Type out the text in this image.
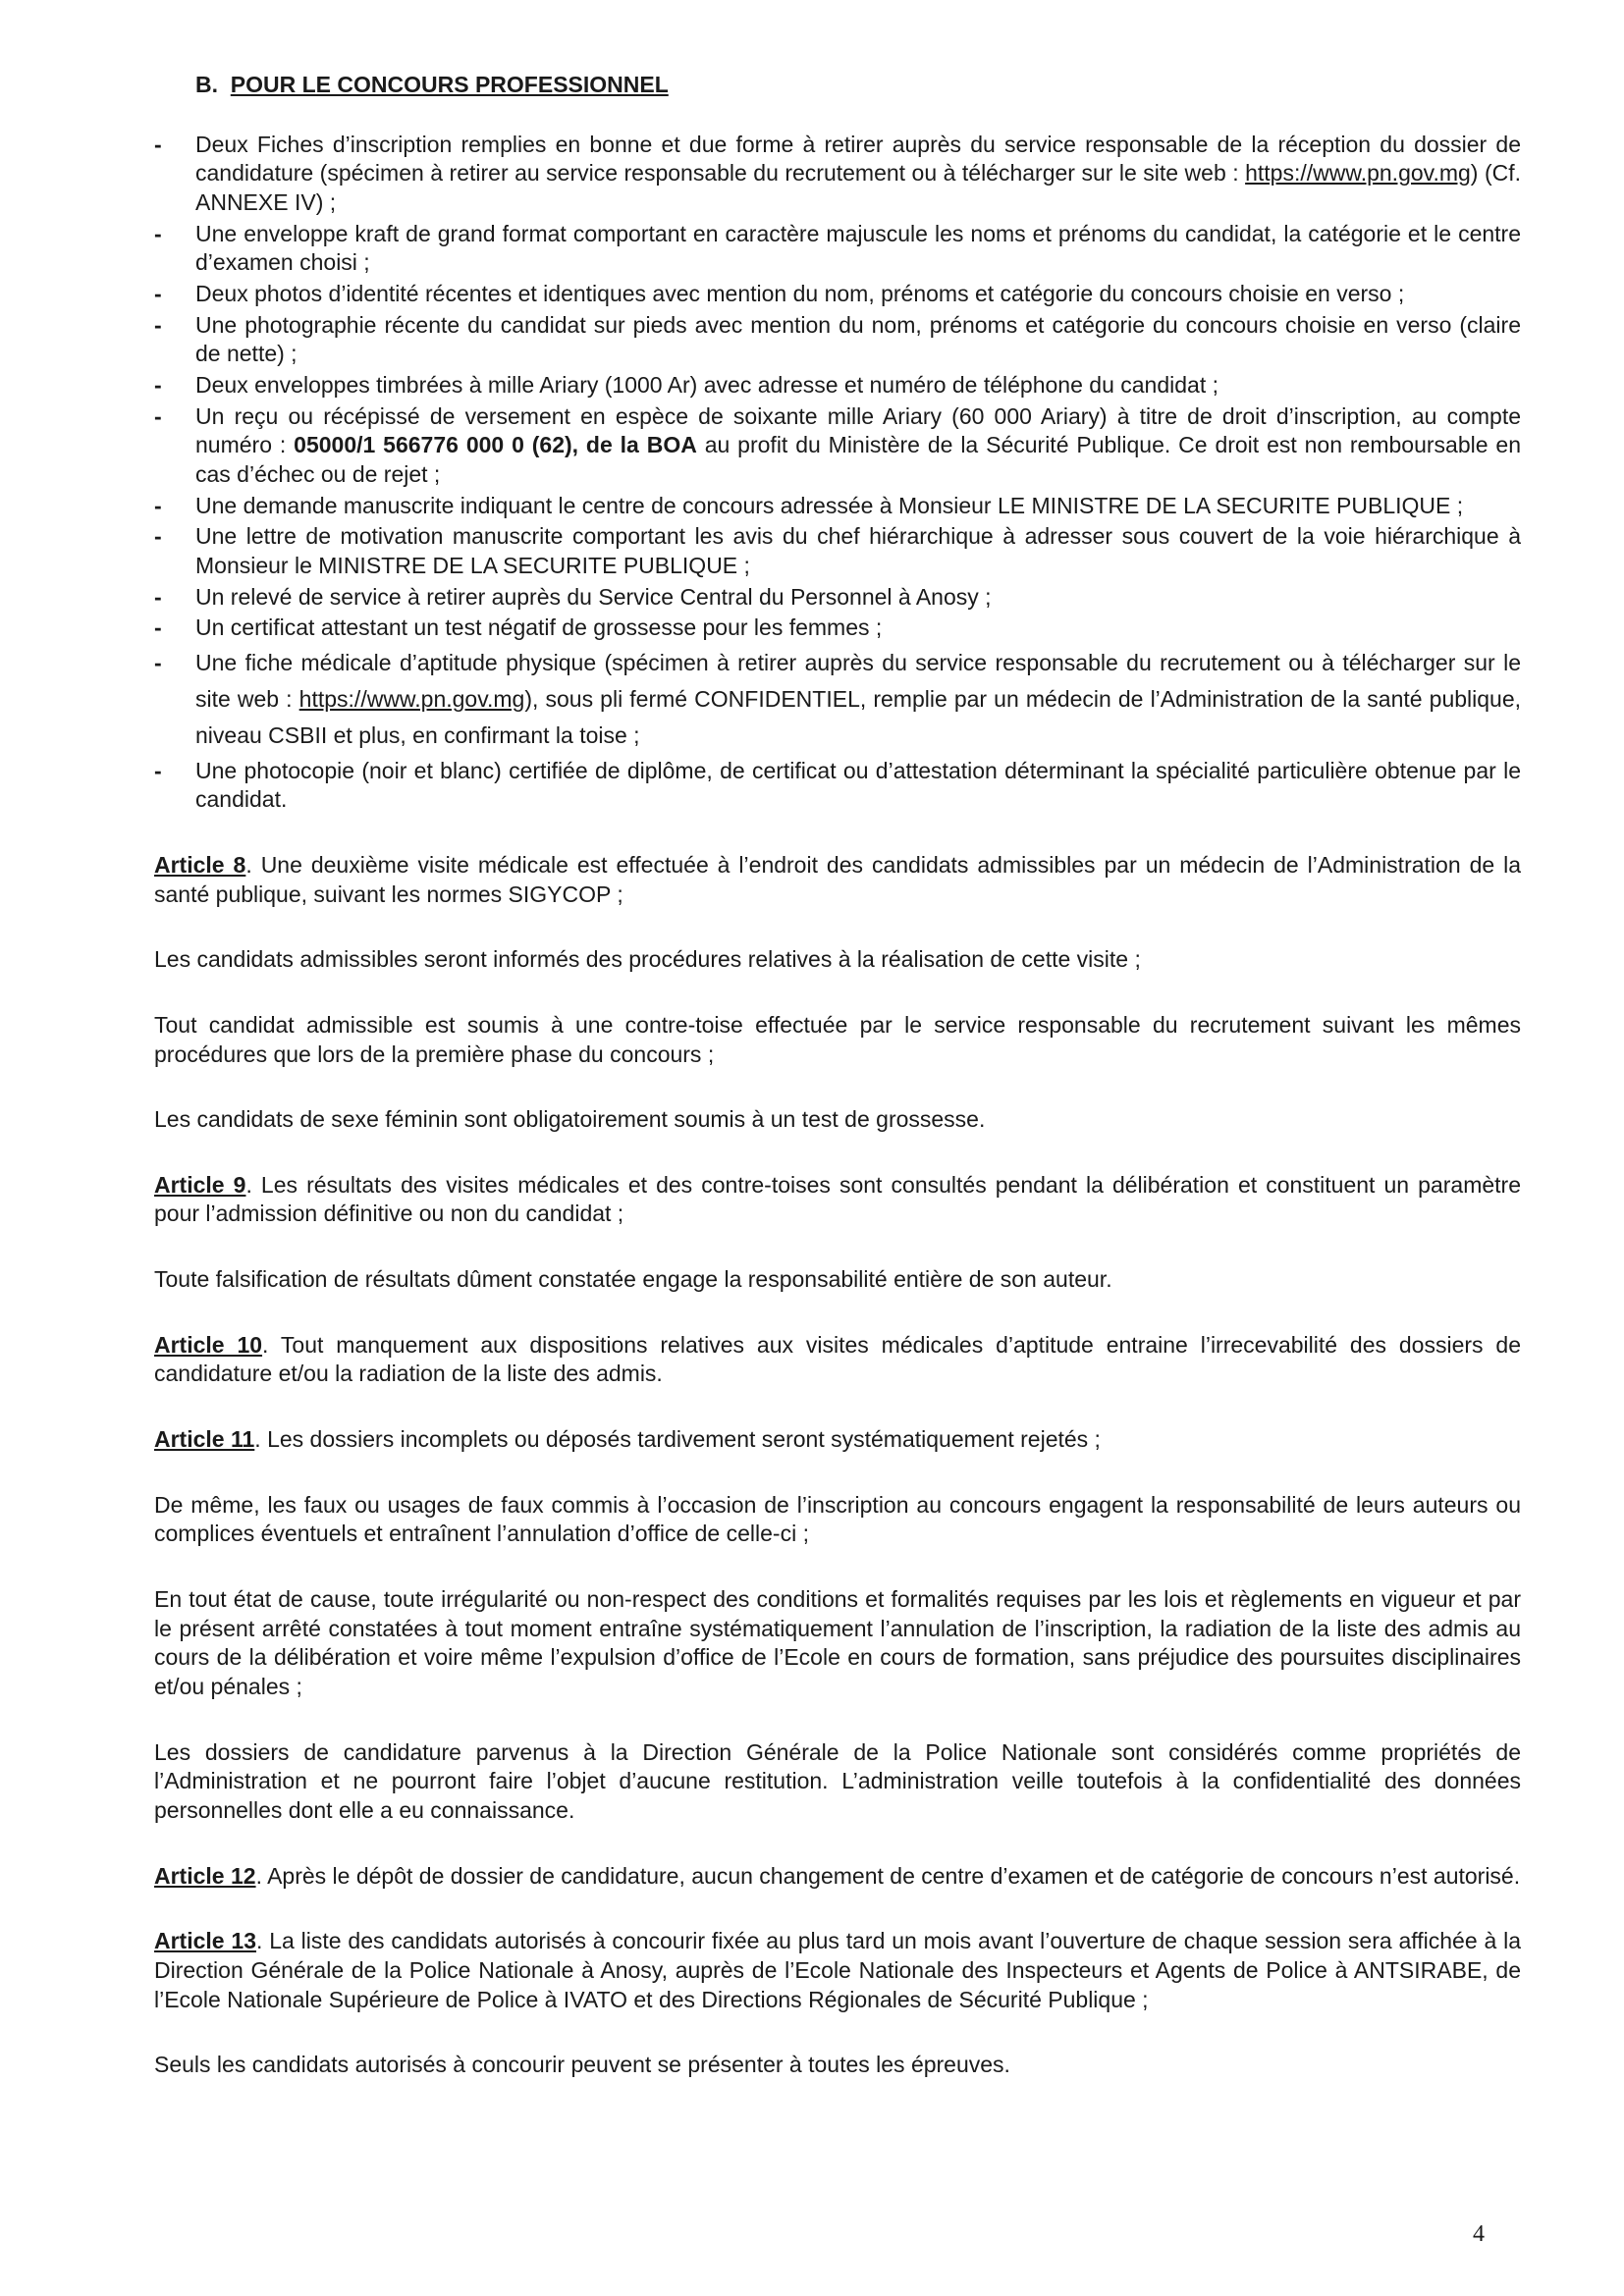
B. POUR LE CONCOURS PROFESSIONNEL
- Deux Fiches d’inscription remplies en bonne et due forme à retirer auprès du service responsable de la réception du dossier de candidature (spécimen à retirer au service responsable du recrutement ou à télécharger sur le site web : https://www.pn.gov.mg) (Cf. ANNEXE IV) ;
- Une enveloppe kraft de grand format comportant en caractère majuscule les noms et prénoms du candidat, la catégorie et le centre d’examen choisi ;
- Deux photos d’identité récentes et identiques avec mention du nom, prénoms et catégorie du concours choisie en verso ;
- Une photographie récente du candidat sur pieds avec mention du nom, prénoms et catégorie du concours choisie en verso (claire de nette) ;
- Deux enveloppes timbrées à mille Ariary (1000 Ar) avec adresse et numéro de téléphone du candidat ;
- Un reçu ou récépissé de versement en espèce de soixante mille Ariary (60 000 Ariary) à titre de droit d’inscription, au compte numéro : 05000/1 566776 000 0 (62), de la BOA au profit du Ministère de la Sécurité Publique. Ce droit est non remboursable en cas d’échec ou de rejet ;
- Une demande manuscrite indiquant le centre de concours adressée à Monsieur LE MINISTRE DE LA SECURITE PUBLIQUE ;
- Une lettre de motivation manuscrite comportant les avis du chef hiérarchique à adresser sous couvert de la voie hiérarchique à Monsieur le MINISTRE DE LA SECURITE PUBLIQUE ;
- Un relevé de service à retirer auprès du Service Central du Personnel à Anosy ;
- Un certificat attestant un test négatif de grossesse pour les femmes ;
- Une fiche médicale d’aptitude physique (spécimen à retirer auprès du service responsable du recrutement ou à télécharger sur le site web : https://www.pn.gov.mg), sous pli fermé CONFIDENTIEL, remplie par un médecin de l’Administration de la santé publique, niveau CSBII et plus, en confirmant la toise ;
- Une photocopie (noir et blanc) certifiée de diplôme, de certificat ou d’attestation déterminant la spécialité particulière obtenue par le candidat.

Article 8. Une deuxième visite médicale est effectuée à l’endroit des candidats admissibles par un médecin de l’Administration de la santé publique, suivant les normes SIGYCOP ;

Les candidats admissibles seront informés des procédures relatives à la réalisation de cette visite ;

Tout candidat admissible est soumis à une contre-toise effectuée par le service responsable du recrutement suivant les mêmes procédures que lors de la première phase du concours ;

Les candidats de sexe féminin sont obligatoirement soumis à un test de grossesse.

Article 9. Les résultats des visites médicales et des contre-toises sont consultés pendant la délibération et constituent un paramètre pour l’admission définitive ou non du candidat ;

Toute falsification de résultats dûment constatée engage la responsabilité entière de son auteur.

Article 10. Tout manquement aux dispositions relatives aux visites médicales d’aptitude entraine l’irrecevabilité des dossiers de candidature et/ou la radiation de la liste des admis.

Article 11. Les dossiers incomplets ou déposés tardivement seront systématiquement rejetés ;

De même, les faux ou usages de faux commis à l’occasion de l’inscription au concours engagent la responsabilité de leurs auteurs ou complices éventuels et entraînent l’annulation d’office de celle-ci ;

En tout état de cause, toute irrégularité ou non-respect des conditions et formalités requises par les lois et règlements en vigueur et par le présent arrêté constatées à tout moment entraîne systématiquement l’annulation de l’inscription, la radiation de la liste des admis au cours de la délibération et voire même l’expulsion d’office de l’Ecole en cours de formation, sans préjudice des poursuites disciplinaires et/ou pénales ;

Les dossiers de candidature parvenus à la Direction Générale de la Police Nationale sont considérés comme propriétés de l’Administration et ne pourront faire l’objet d’aucune restitution. L’administration veille toutefois à la confidentialité des données personnelles dont elle a eu connaissance.

Article 12. Après le dépôt de dossier de candidature, aucun changement de centre d’examen et de catégorie de concours n’est autorisé.

Article 13. La liste des candidats autorisés à concourir fixée au plus tard un mois avant l’ouverture de chaque session sera affichée à la Direction Générale de la Police Nationale à Anosy, auprès de l’Ecole Nationale des Inspecteurs et Agents de Police à ANTSIRABE, de l’Ecole Nationale Supérieure de Police à IVATO et des Directions Régionales de Sécurité Publique ;

Seuls les candidats autorisés à concourir peuvent se présenter à toutes les épreuves.

4
